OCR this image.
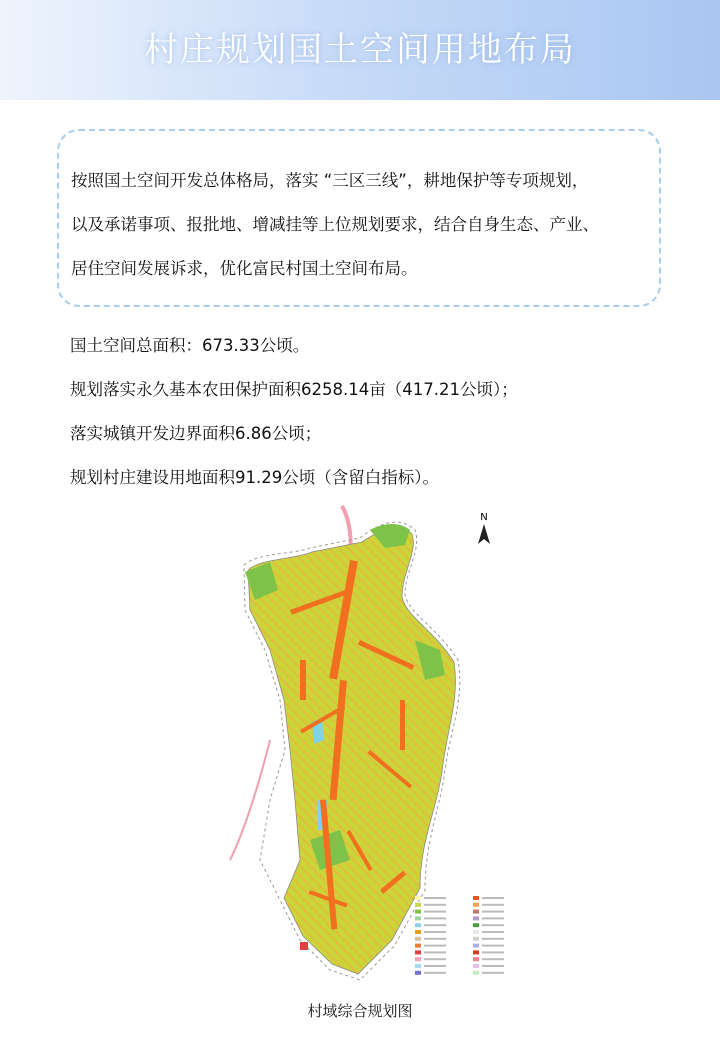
村庄规划国土空间用地布局

按照国土空间开发总体格局，落实 “三区三线”，耕地保护等专项规划，
以及承诺事项、报批地、增减挂等上位规划要求，结合自身生态、产业、
居住空间发展诉求，优化富民村国土空间布局。

国土空间总面积：673.33公顷。

规划落实永久基本农田保护面积6258.14亩（417.21公顷）；

落实城镇开发边界面积6.86公顷；

规划村庄建设用地面积91.29公顷（含留白指标）。

N
村域综合规划图
